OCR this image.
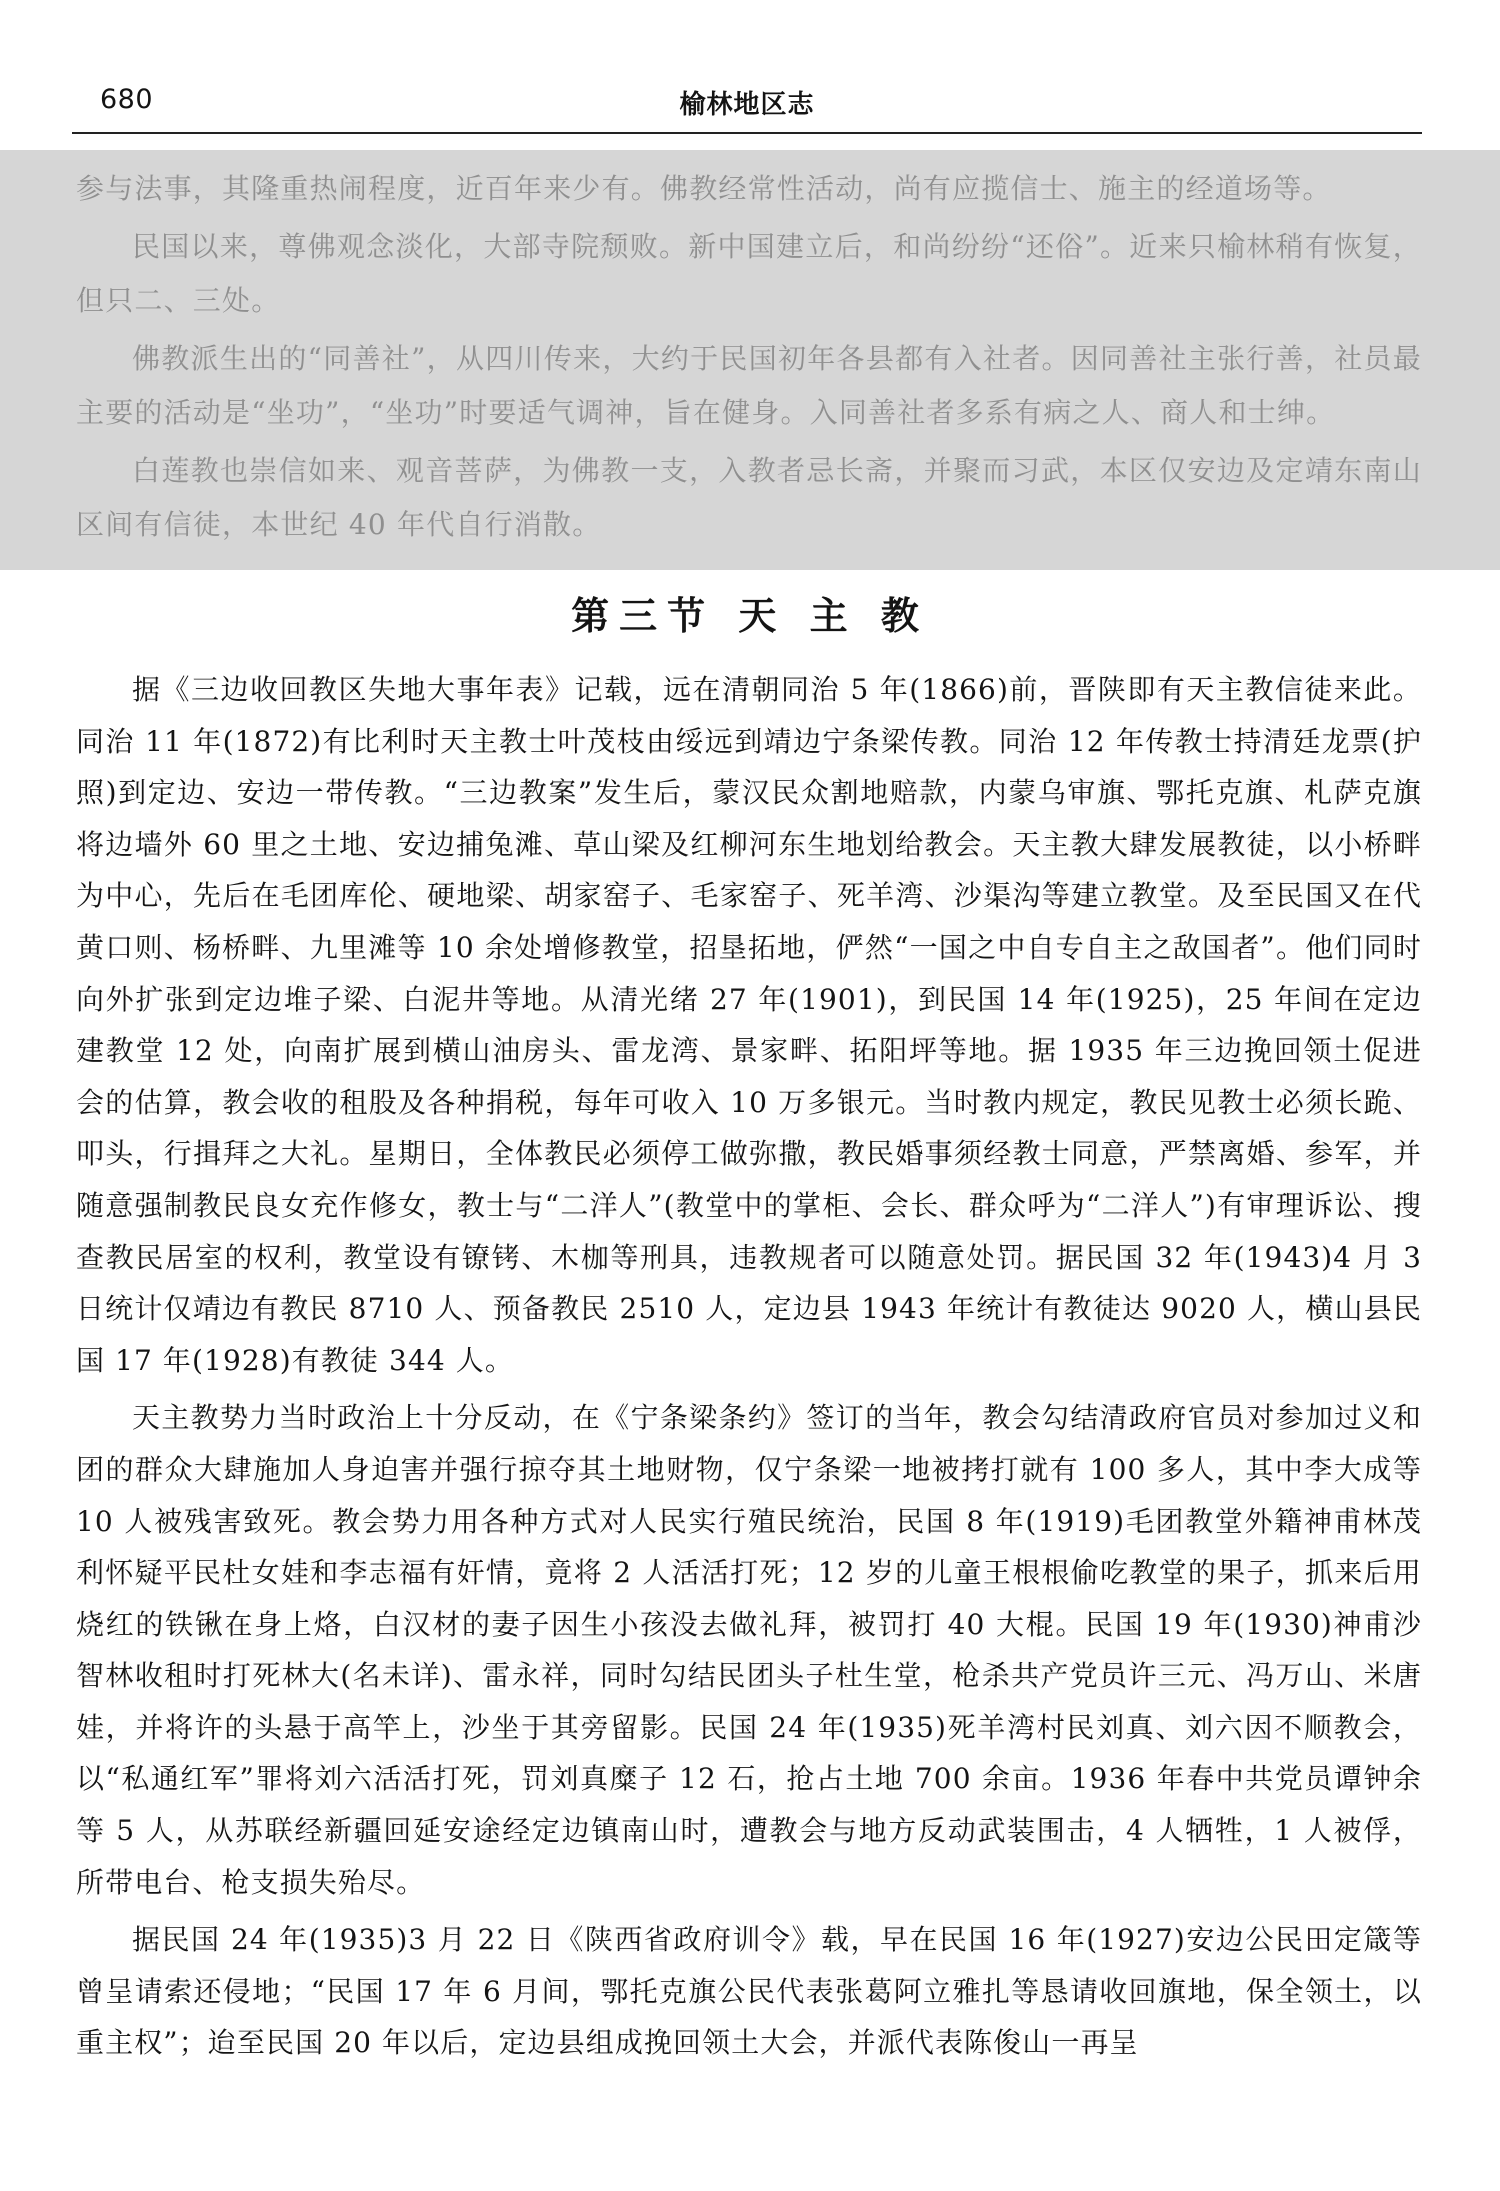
680	榆林地区志

参与法事，其隆重热闹程度，近百年来少有。佛教经常性活动，尚有应揽信士、施主的经道场等。

民国以来，尊佛观念淡化，大部寺院颓败。新中国建立后，和尚纷纷“还俗”。近来只榆林稍有恢复，但只二、三处。

佛教派生出的“同善社”，从四川传来，大约于民国初年各县都有入社者。因同善社主张行善，社员最主要的活动是“坐功”，“坐功”时要适气调神，旨在健身。入同善社者多系有病之人、商人和士绅。

白莲教也崇信如来、观音菩萨，为佛教一支，入教者忌长斋，并聚而习武，本区仅安边及定靖东南山区间有信徒，本世纪 40 年代自行消散。

第三节 天 主 教

据《三边收回教区失地大事年表》记载，远在清朝同治 5 年(1866)前，晋陕即有天主教信徒来此。同治 11 年(1872)有比利时天主教士叶茂枝由绥远到靖边宁条梁传教。同治 12 年传教士持清廷龙票(护照)到定边、安边一带传教。“三边教案”发生后，蒙汉民众割地赔款，内蒙乌审旗、鄂托克旗、札萨克旗将边墙外 60 里之土地、安边捕兔滩、草山梁及红柳河东生地划给教会。天主教大肆发展教徒，以小桥畔为中心，先后在毛团库伦、硬地梁、胡家窑子、毛家窑子、死羊湾、沙渠沟等建立教堂。及至民国又在代黄口则、杨桥畔、九里滩等 10 余处增修教堂，招垦拓地，俨然“一国之中自专自主之敌国者”。他们同时向外扩张到定边堆子梁、白泥井等地。从清光绪 27 年(1901)，到民国 14 年(1925)，25 年间在定边建教堂 12 处，向南扩展到横山油房头、雷龙湾、景家畔、拓阳坪等地。据 1935 年三边挽回领土促进会的估算，教会收的租股及各种捐税，每年可收入 10 万多银元。当时教内规定，教民见教士必须长跪、叩头，行揖拜之大礼。星期日，全体教民必须停工做弥撒，教民婚事须经教士同意，严禁离婚、参军，并随意强制教民良女充作修女，教士与“二洋人”(教堂中的掌柜、会长、群众呼为“二洋人”)有审理诉讼、搜查教民居室的权利，教堂设有镣铐、木枷等刑具，违教规者可以随意处罚。据民国 32 年(1943)4 月 3 日统计仅靖边有教民 8710 人、预备教民 2510 人，定边县 1943 年统计有教徒达 9020 人，横山县民国 17 年(1928)有教徒 344 人。

天主教势力当时政治上十分反动，在《宁条梁条约》签订的当年，教会勾结清政府官员对参加过义和团的群众大肆施加人身迫害并强行掠夺其土地财物，仅宁条梁一地被拷打就有 100 多人，其中李大成等 10 人被残害致死。教会势力用各种方式对人民实行殖民统治，民国 8 年(1919)毛团教堂外籍神甫林茂利怀疑平民杜女娃和李志福有奸情，竟将 2 人活活打死；12 岁的儿童王根根偷吃教堂的果子，抓来后用烧红的铁锹在身上烙，白汉材的妻子因生小孩没去做礼拜，被罚打 40 大棍。民国 19 年(1930)神甫沙智林收租时打死林大(名未详)、雷永祥，同时勾结民团头子杜生堂，枪杀共产党员许三元、冯万山、米唐娃，并将许的头悬于高竿上，沙坐于其旁留影。民国 24 年(1935)死羊湾村民刘真、刘六因不顺教会，以“私通红军”罪将刘六活活打死，罚刘真糜子 12 石，抢占土地 700 余亩。1936 年春中共党员谭钟余等 5 人，从苏联经新疆回延安途经定边镇南山时，遭教会与地方反动武装围击，4 人牺牲，1 人被俘，所带电台、枪支损失殆尽。

据民国 24 年(1935)3 月 22 日《陕西省政府训令》载，早在民国 16 年(1927)安边公民田定箴等曾呈请索还侵地；“民国 17 年 6 月间，鄂托克旗公民代表张葛阿立雅扎等恳请收回旗地，保全领土，以重主权”；迨至民国 20 年以后，定边县组成挽回领土大会，并派代表陈俊山一再呈
